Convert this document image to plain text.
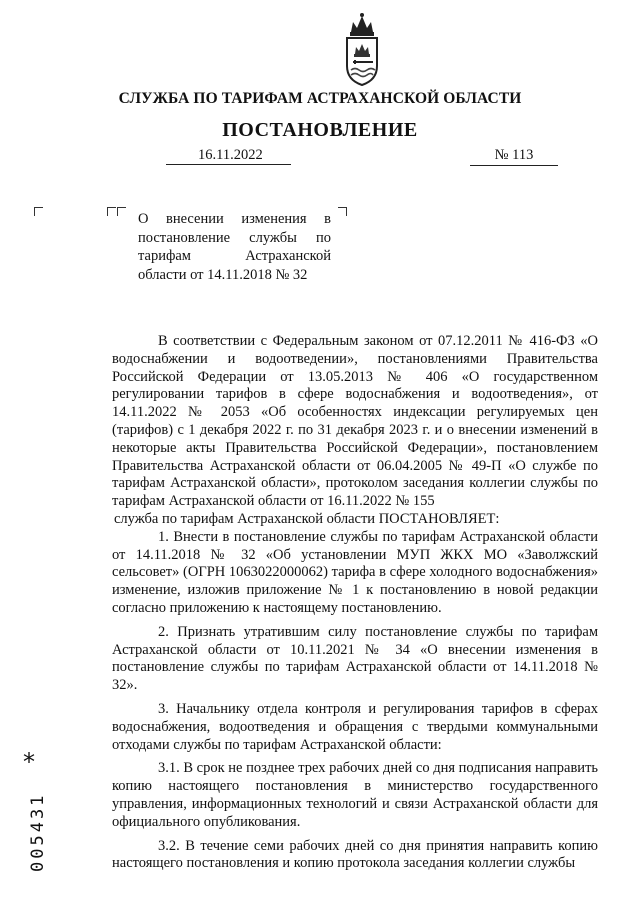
СЛУЖБА ПО ТАРИФАМ АСТРАХАНСКОЙ ОБЛАСТИ
ПОСТАНОВЛЕНИЕ
16.11.2022	№ 113
О внесении изменения в
постановление службы по
тарифам Астраханской
области от 14.11.2018 № 32

В соответствии с Федеральным законом от 07.12.2011 № 416-ФЗ «О водоснабжении и водоотведении», постановлениями Правительства Российской Федерации от 13.05.2013 № 406 «О государственном регулировании тарифов в сфере водоснабжения и водоотведения», от 14.11.2022 № 2053 «Об особенностях индексации регулируемых цен (тарифов) с 1 декабря 2022 г. по 31 декабря 2023 г. и о внесении изменений в некоторые акты Правительства Российской Федерации», постановлением Правительства Астраханской области от 06.04.2005 № 49-П «О службе по тарифам Астраханской области», протоколом заседания коллегии службы по тарифам Астраханской области от 16.11.2022 № 155

служба по тарифам Астраханской области ПОСТАНОВЛЯЕТ:

1. Внести в постановление службы по тарифам Астраханской области от 14.11.2018 № 32 «Об установлении МУП ЖКХ МО «Заволжский сельсовет» (ОГРН 1063022000062) тарифа в сфере холодного водоснабжения» изменение, изложив приложение № 1 к постановлению в новой редакции согласно приложению к настоящему постановлению.

2. Признать утратившим силу постановление службы по тарифам Астраханской области от 10.11.2021 № 34 «О внесении изменения в постановление службы по тарифам Астраханской области от 14.11.2018 № 32».

3. Начальнику отдела контроля и регулирования тарифов в сферах водоснабжения, водоотведения и обращения с твердыми коммунальными отходами службы по тарифам Астраханской области:

3.1. В срок не позднее трех рабочих дней со дня подписания направить копию настоящего постановления в министерство государственного управления, информационных технологий и связи Астраханской области для официального опубликования.

3.2. В течение семи рабочих дней со дня принятия направить копию настоящего постановления и копию протокола заседания коллегии службы

*
005431
